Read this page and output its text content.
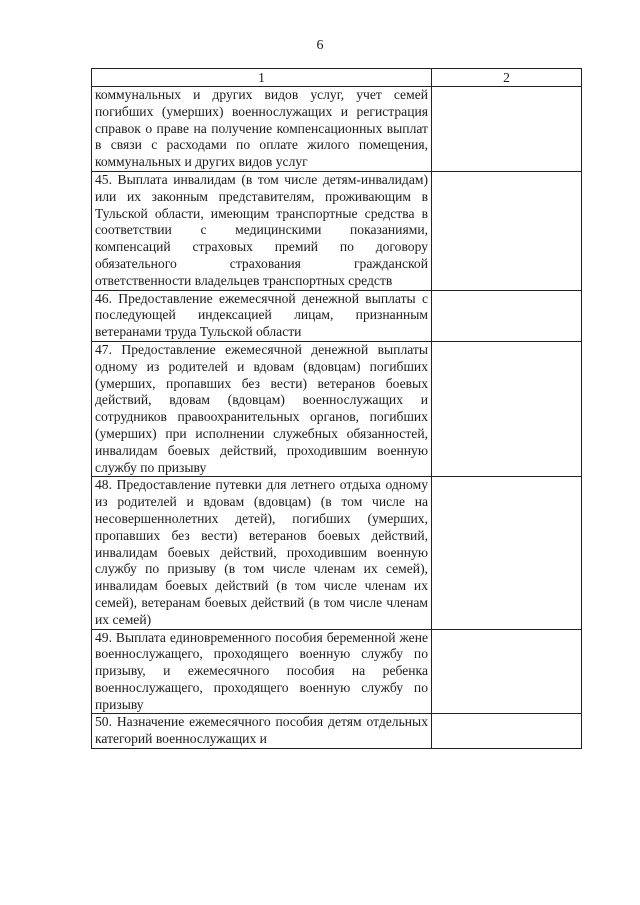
6
1	2
коммунальных и других видов услуг, учет семей погибших (умерших) военнослужащих и регистрация справок о праве на получение компенсационных выплат в связи с расходами по оплате жилого помещения, коммунальных и других видов услуг	
45. Выплата инвалидам (в том числе детям-инвалидам) или их законным представителям, проживающим в Тульской области, имеющим транспортные средства в соответствии с медицинскими показаниями, компенсаций страховых премий по договору обязательного страхования гражданской ответственности владельцев транспортных средств	
46. Предоставление ежемесячной денежной выплаты с последующей индексацией лицам, признанным ветеранами труда Тульской области	
47. Предоставление ежемесячной денежной выплаты одному из родителей и вдовам (вдовцам) погибших (умерших, пропавших без вести) ветеранов боевых действий, вдовам (вдовцам) военнослужащих и сотрудников правоохранительных органов, погибших (умерших) при исполнении служебных обязанностей, инвалидам боевых действий, проходившим военную службу по призыву	
48. Предоставление путевки для летнего отдыха одному из родителей и вдовам (вдовцам) (в том числе на несовершеннолетних детей), погибших (умерших, пропавших без вести) ветеранов боевых действий, инвалидам боевых действий, проходившим военную службу по призыву (в том числе членам их семей), инвалидам боевых действий (в том числе членам их семей), ветеранам боевых действий (в том числе членам их семей)	
49. Выплата единовременного пособия беременной жене военнослужащего, проходящего военную службу по призыву, и ежемесячного пособия на ребенка военнослужащего, проходящего военную службу по призыву	
50. Назначение ежемесячного пособия детям отдельных категорий военнослужащих и	
